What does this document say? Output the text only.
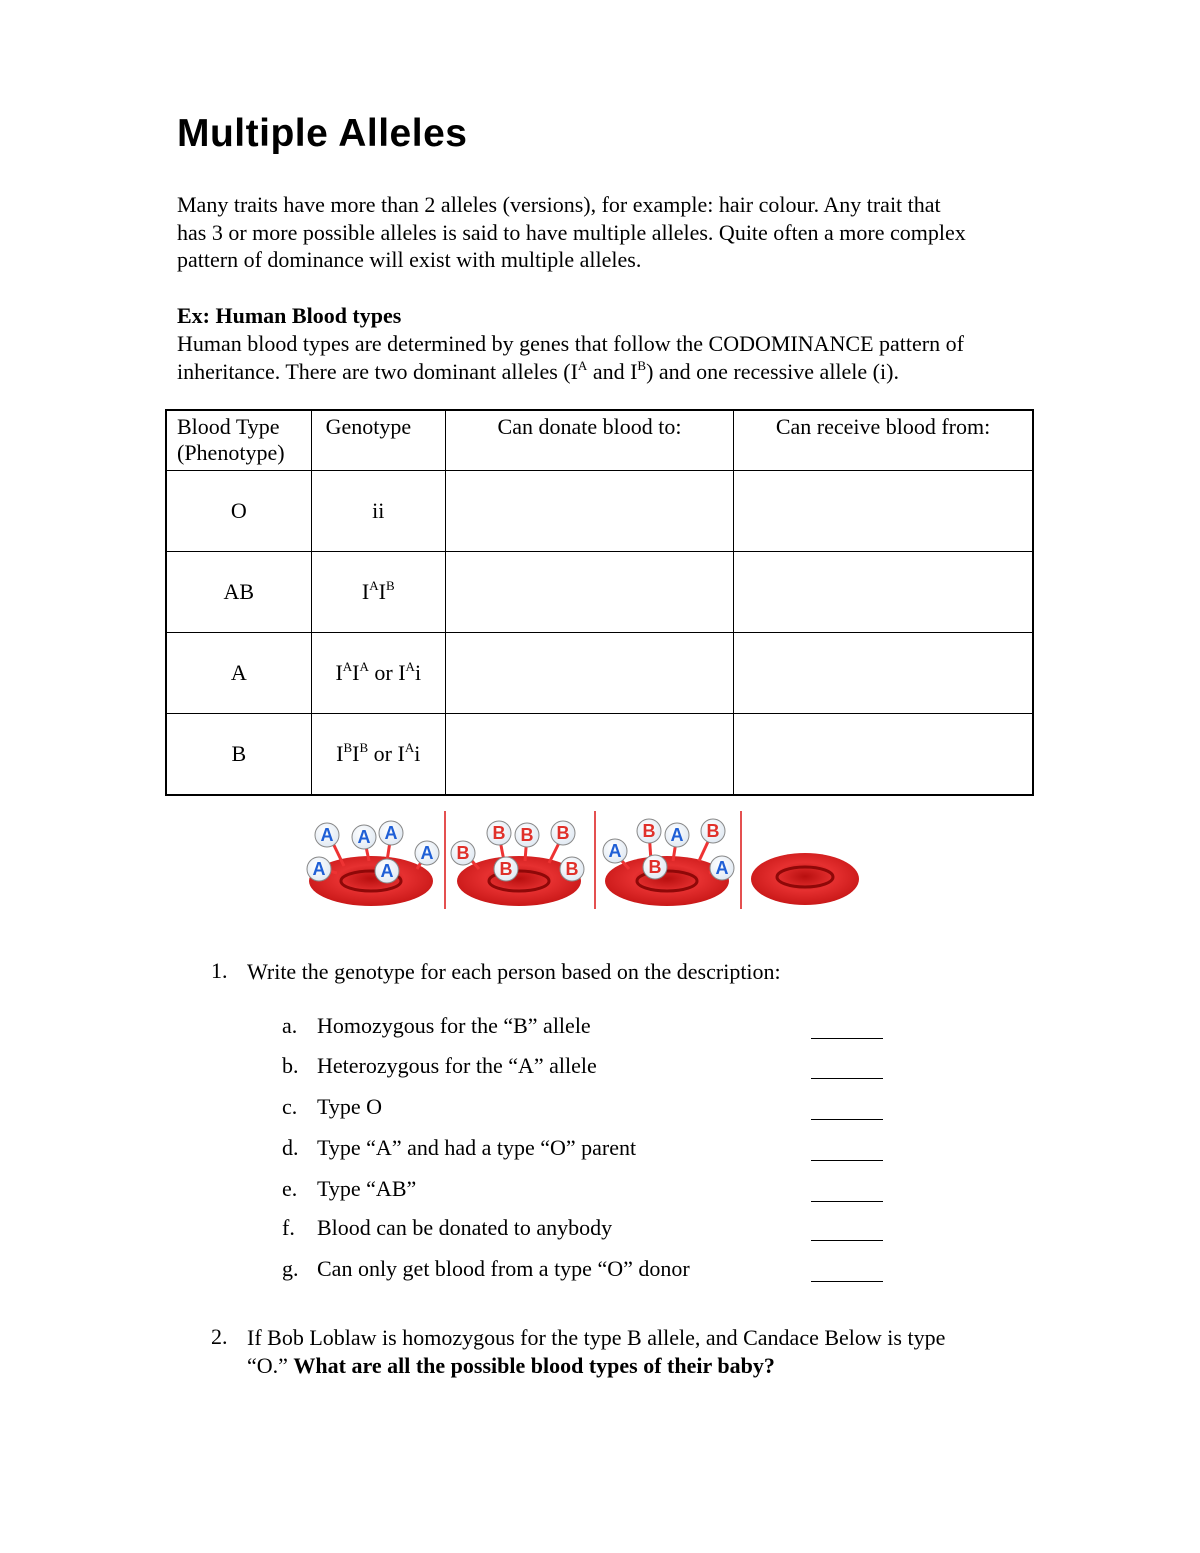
Multiple Alleles
Many traits have more than 2 alleles (versions), for example: hair colour. Any trait that
has 3 or more possible alleles is said to have multiple alleles. Quite often a more complex
pattern of dominance will exist with multiple alleles.
Ex: Human Blood types
Human blood types are determined by genes that follow the CODOMINANCE pattern of
inheritance. There are two dominant alleles ($I^A$ and $I^B$) and one recessive allele (i).
Blood Type
(Phenotype)	Genotype	Can donate blood to:	Can receive blood from:
O	ii		
AB	$I^AI^B$		
A	$I^AI^A$ or $I^Ai$		
B	$I^BI^B$ or $I^Ai$		
A A A
A	A
A
B B B
B
B	B
B A B
A
B	A
1. Write the genotype for each person based on the description:
a. Homozygous for the “B” allele
b. Heterozygous for the “A” allele
c. Type O
d. Type “A” and had a type “O” parent
e. Type “AB”
f. Blood can be donated to anybody
g. Can only get blood from a type “O” donor
2. If Bob Loblaw is homozygous for the type B allele, and Candace Below is type
“O.” What are all the possible blood types of their baby?
